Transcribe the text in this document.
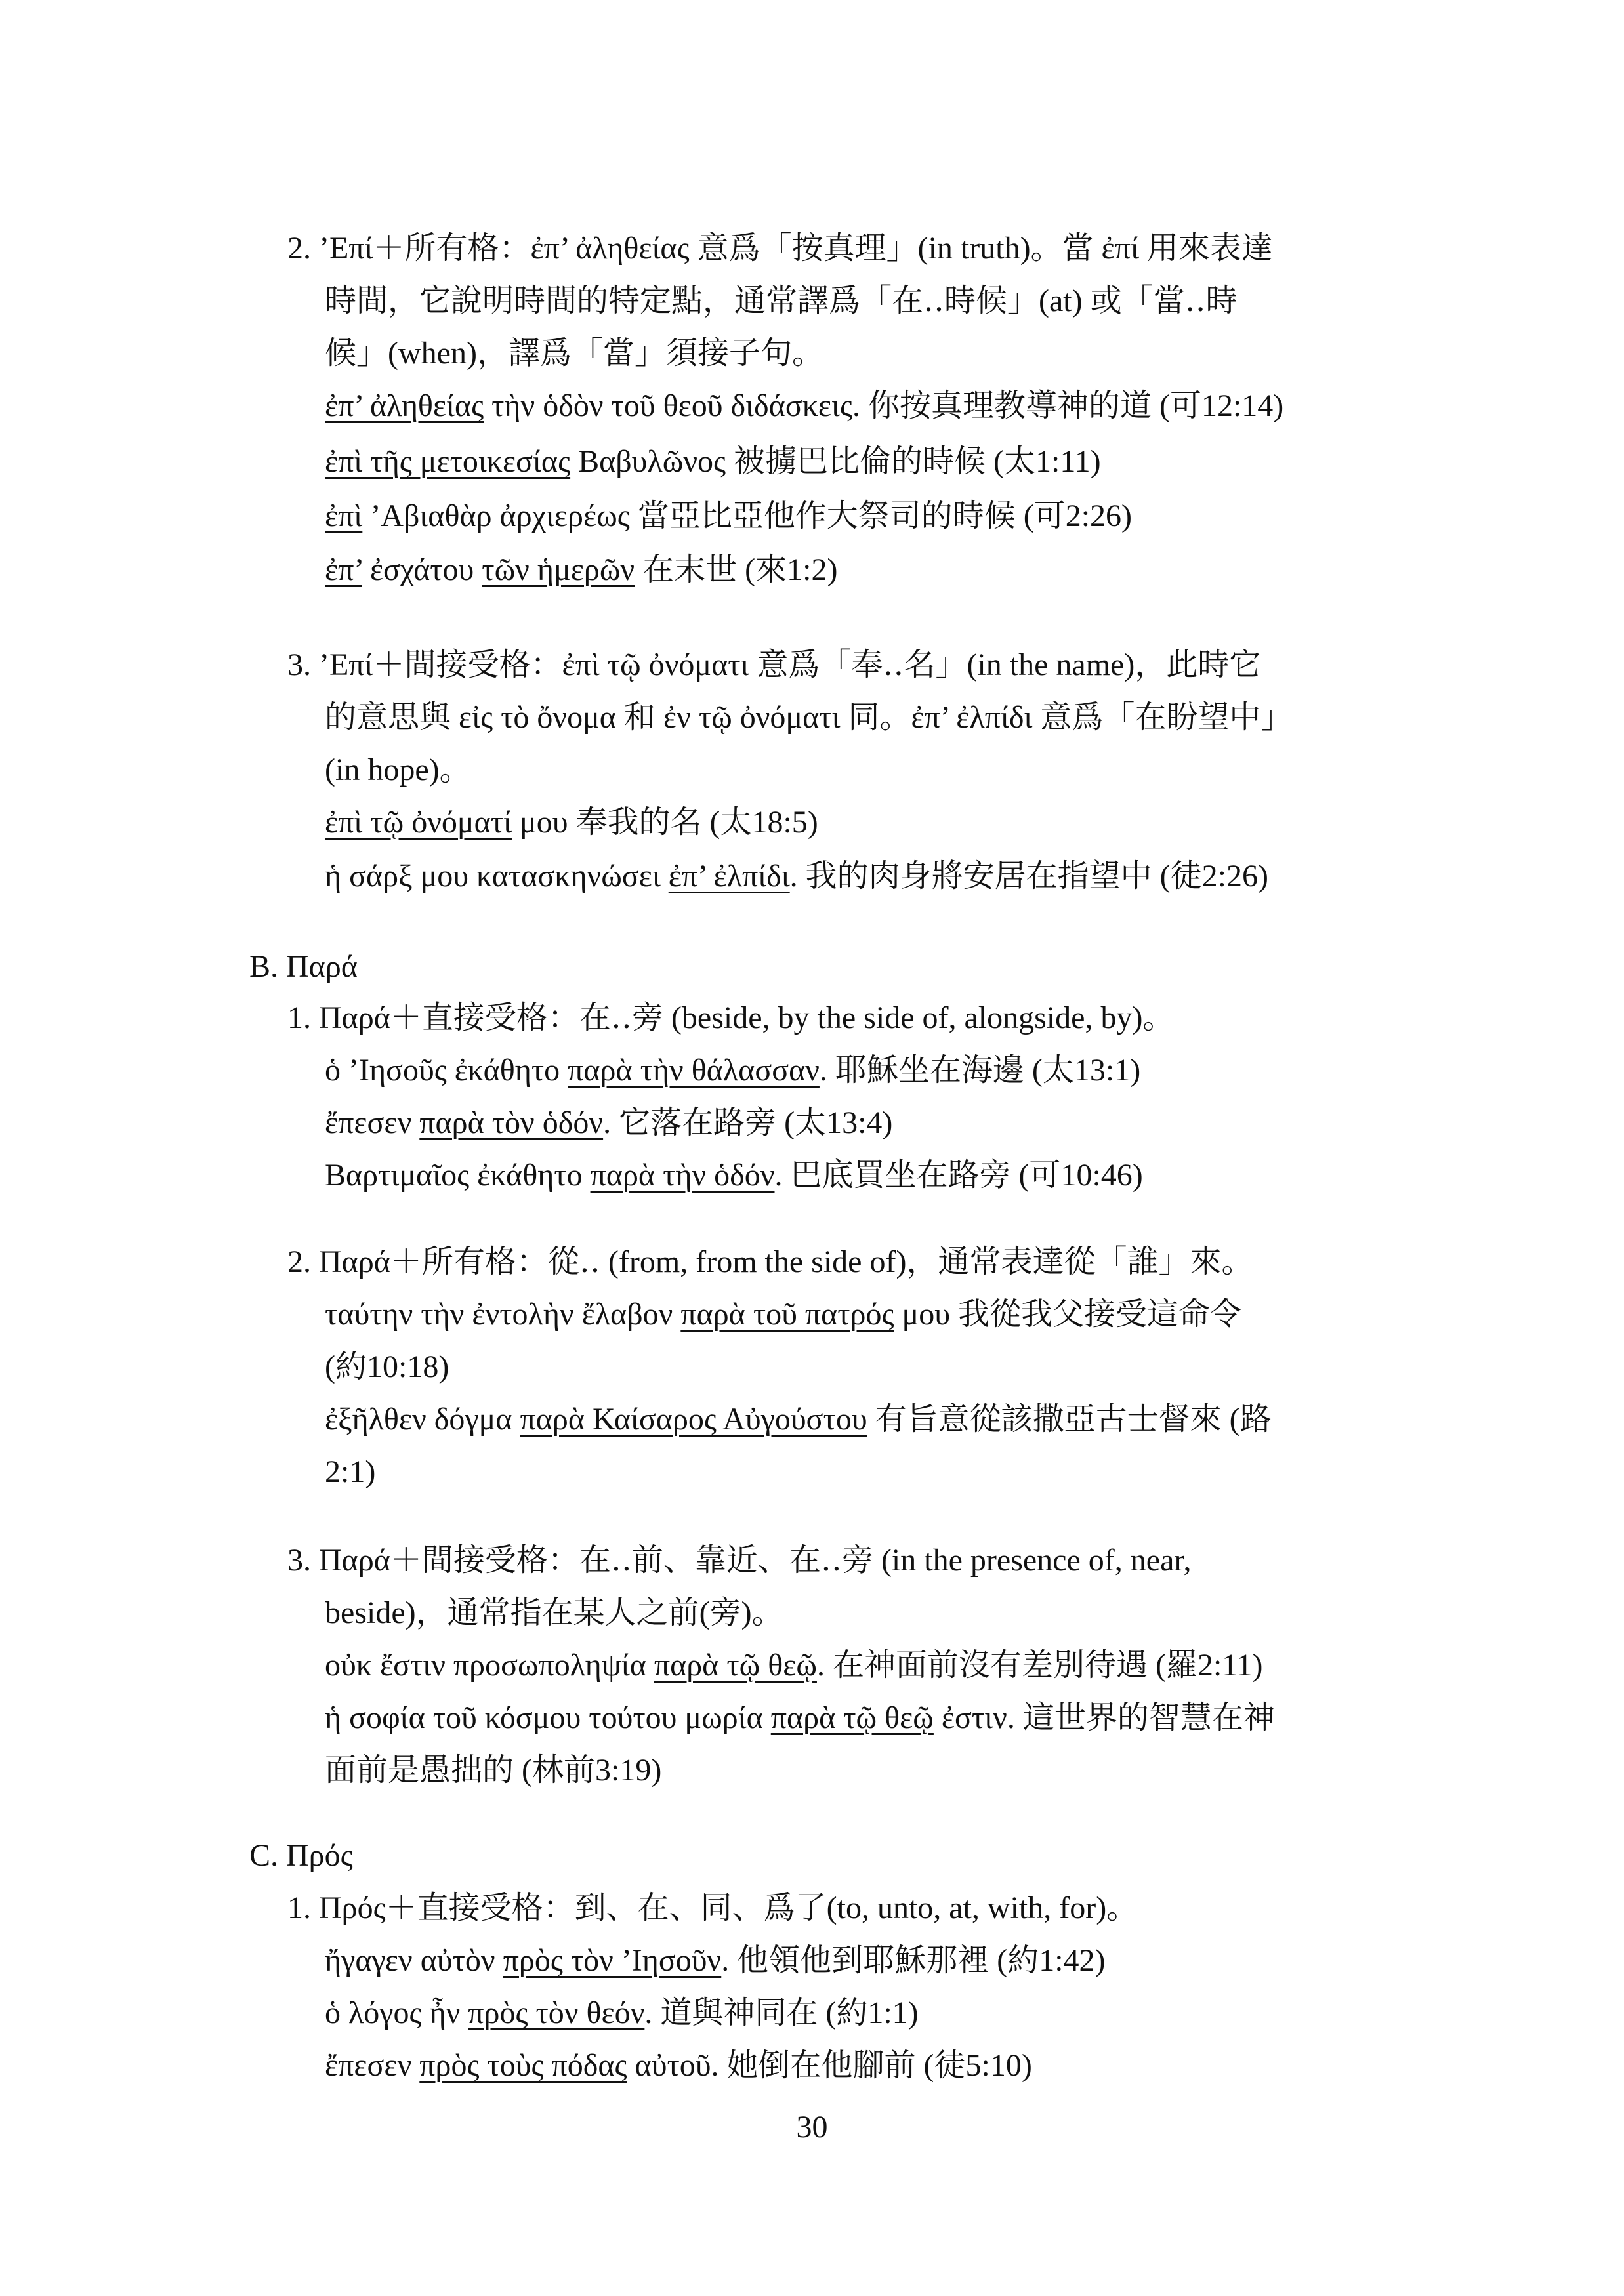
2. ’Επί＋所有格：ἐπ’ ἀληθείας 意爲「按真理」(in truth)。當 ἐπί 用來表達
時間，它說明時間的特定點，通常譯爲「在‥時候」(at) 或「當‥時
候」(when)，譯爲「當」須接子句。
ἐπ’ ἀληθείας τὴν ὁδὸν τοῦ θεοῦ διδάσκεις. 你按真理教導神的道 (可12:14)
ἐπὶ τῆς μετοικεσίας Βαβυλῶνος 被擄巴比倫的時候 (太1:11)
ἐπὶ ’Αβιαθὰρ ἀρχιερέως 當亞比亞他作大祭司的時候 (可2:26)
ἐπ’ ἐσχάτου τῶν ἡμερῶν 在末世 (來1:2)
3. ’Επί＋間接受格：ἐπὶ τῷ ὀνόματι 意爲「奉‥名」(in the name)，此時它
的意思與 εἰς τὸ ὄνομα 和 ἐν τῷ ὀνόματι 同。ἐπ’ ἐλπίδι 意爲「在盼望中」
(in hope)。
ἐπὶ τῷ ὀνόματί μου 奉我的名 (太18:5)
ἡ σάρξ μου κατασκηνώσει ἐπ’ ἐλπίδι. 我的肉身將安居在指望中 (徒2:26)
B. Παρά
1. Παρά＋直接受格：在‥旁 (beside, by the side of, alongside, by)。
ὁ ’Ιησοῦς ἐκάθητο παρὰ τὴν θάλασσαν. 耶穌坐在海邊 (太13:1)
ἔπεσεν παρὰ τὸν ὁδόν. 它落在路旁 (太13:4)
Βαρτιμαῖος ἐκάθητο παρὰ τὴν ὁδόν. 巴底買坐在路旁 (可10:46)
2. Παρά＋所有格：從‥ (from, from the side of)，通常表達從「誰」來。
ταύτην τὴν ἐντολὴν ἔλαβον παρὰ τοῦ πατρός μου 我從我父接受這命令
(約10:18)
ἐξῆλθεν δόγμα παρὰ Καίσαρος Αὐγούστου 有旨意從該撒亞古士督來 (路
2:1)
3. Παρά＋間接受格：在‥前、靠近、在‥旁 (in the presence of, near,
beside)，通常指在某人之前(旁)。
οὐκ ἔστιν προσωποληψία παρὰ τῷ θεῷ. 在神面前沒有差別待遇 (羅2:11)
ἡ σοφία τοῦ κόσμου τούτου μωρία παρὰ τῷ θεῷ ἐστιν. 這世界的智慧在神
面前是愚拙的 (林前3:19)
C. Πρός
1. Πρός＋直接受格：到、在、同、爲了(to, unto, at, with, for)。
ἤγαγεν αὐτὸν πρὸς τὸν ’Ιησοῦν. 他領他到耶穌那裡 (約1:42)
ὁ λόγος ἦν πρὸς τὸν θεόν. 道與神同在 (約1:1)
ἔπεσεν πρὸς τοὺς πόδας αὐτοῦ. 她倒在他腳前 (徒5:10)
30
